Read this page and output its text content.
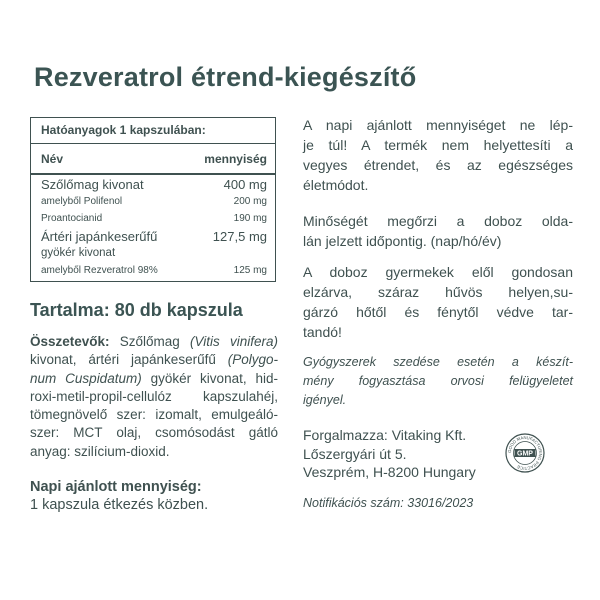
Rezveratrol étrend-kiegészítő
Hatóanyagok 1 kapszulában:
Név	mennyiség
Szőlőmag kivonat	400 mg
amelyből Polifenol	200 mg
Proantocianid	190 mg
Ártéri japánkeserűfű	127,5 mg
gyökér kivonat
amelyből Rezveratrol 98%	125 mg
Tartalma: 80 db kapszula
Összetevők: Szőlőmag (Vitis vinifera) kivonat, ártéri japánkeserűfű (Polygo-num Cuspidatum) gyökér kivonat, hid-roxi-metil-propil-cellulóz kapszulahéj, tömegnövelő szer: izomalt, emulgeáló-szer: MCT olaj, csomósodást gátló anyag: szilícium-dioxid.
Napi ajánlott mennyiség:
1 kapszula étkezés közben.
A napi ajánlott mennyiséget ne lép-
je túl! A termék nem helyettesíti a
vegyes étrendet, és az egészséges
életmódot.
Minőségét megőrzi a doboz olda-
lán jelzett időpontig. (nap/hó/év)
A doboz gyermekek elől gondosan
elzárva, száraz hűvös helyen,su-
gárzó hőtől és fénytől védve tar-
tandó!
Gyógyszerek szedése esetén a készít-
mény fogyasztása orvosi felügyeletet
igényel.
Forgalmazza: Vitaking Kft.
Lőszergyári út 5.
Veszprém, H-8200 Hungary
GOOD MANUFACTURING PRACTICE
GMP
Notifikációs szám: 33016/2023
